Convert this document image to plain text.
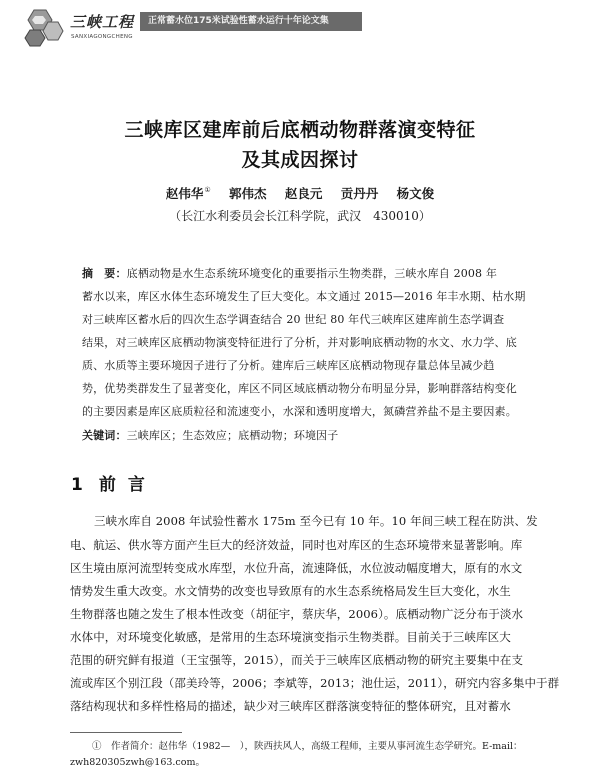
三峡工程
SANXIAGONGCHENG
正常蓄水位175米试验性蓄水运行十年论文集
三峡库区建库前后底栖动物群落演变特征
及其成因探讨
赵伟华① 郭伟杰 赵良元 贡丹丹 杨文俊
（长江水利委员会长江科学院，武汉　430010）
摘　要：底栖动物是水生态系统环境变化的重要指示生物类群，三峡水库自 2008 年
蓄水以来，库区水体生态环境发生了巨大变化。本文通过 2015—2016 年丰水期、枯水期
对三峡库区蓄水后的四次生态学调查结合 20 世纪 80 年代三峡库区建库前生态学调查
结果，对三峡库区底栖动物演变特征进行了分析，并对影响底栖动物的水文、水力学、底
质、水质等主要环境因子进行了分析。建库后三峡库区底栖动物现存量总体呈减少趋
势，优势类群发生了显著变化，库区不同区域底栖动物分布明显分异，影响群落结构变化
的主要因素是库区底质粒径和流速变小，水深和透明度增大，氮磷营养盐不是主要因素。
关键词：三峡库区；生态效应；底栖动物；环境因子
1 前言
三峡水库自 2008 年试验性蓄水 175m 至今已有 10 年。10 年间三峡工程在防洪、发
电、航运、供水等方面产生巨大的经济效益，同时也对库区的生态环境带来显著影响。库
区生境由原河流型转变成水库型，水位升高，流速降低，水位波动幅度增大，原有的水文
情势发生重大改变。水文情势的改变也导致原有的水生态系统格局发生巨大变化，水生
生物群落也随之发生了根本性改变（胡征宇，蔡庆华，2006）。底栖动物广泛分布于淡水
水体中，对环境变化敏感，是常用的生态环境演变指示生物类群。目前关于三峡库区大
范围的研究鲜有报道（王宝强等，2015），而关于三峡库区底栖动物的研究主要集中在支
流或库区个别江段（邵美玲等，2006；李斌等，2013；池仕运，2011），研究内容多集中于群
落结构现状和多样性格局的描述，缺少对三峡库区群落演变特征的整体研究，且对蓄水
①　 作者简介：赵伟华（1982—　），陕西扶风人，高级工程师，主要从事河流生态学研究。E-mail：
zwh820305zwh@163.com。
